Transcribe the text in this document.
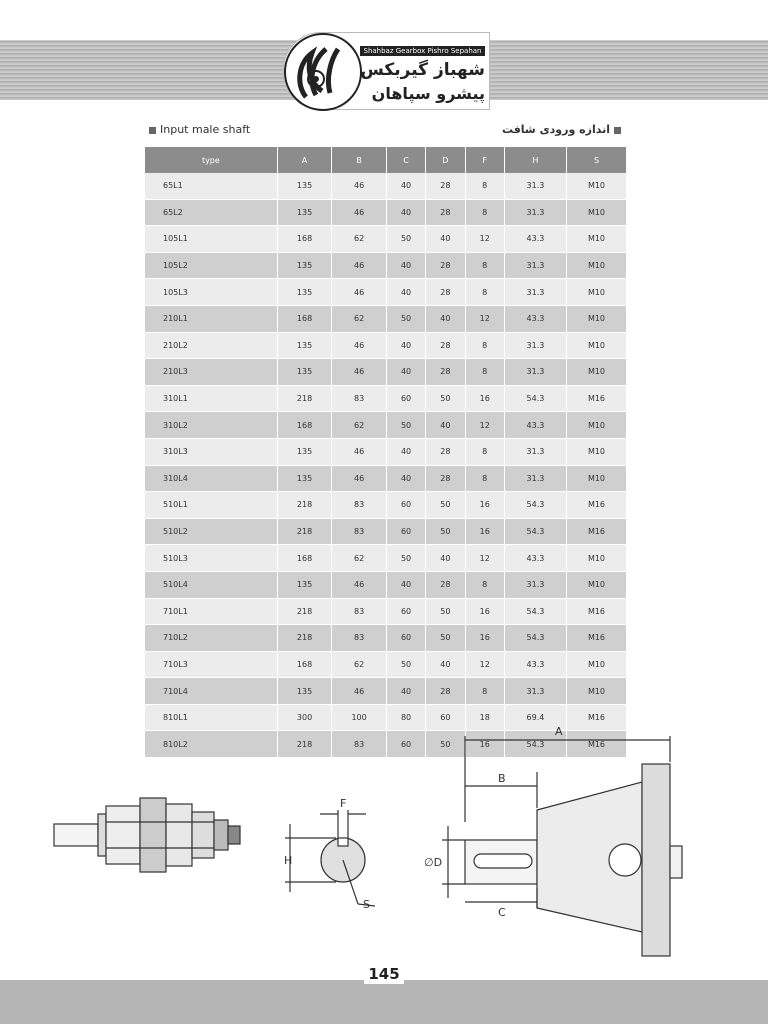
Shahbaz Gearbox Pishro Sepahan
شهباز گیربکس
پیشرو سپاهان
Input male shaft	اندازه ورودی شافت
type	A	B	C	D	F	H	S
65L1	135	46	40	28	8	31.3	M10
65L2	135	46	40	28	8	31.3	M10
105L1	168	62	50	40	12	43.3	M10
105L2	135	46	40	28	8	31.3	M10
105L3	135	46	40	28	8	31.3	M10
210L1	168	62	50	40	12	43.3	M10
210L2	135	46	40	28	8	31.3	M10
210L3	135	46	40	28	8	31.3	M10
310L1	218	83	60	50	16	54.3	M16
310L2	168	62	50	40	12	43.3	M10
310L3	135	46	40	28	8	31.3	M10
310L4	135	46	40	28	8	31.3	M10
510L1	218	83	60	50	16	54.3	M16
510L2	218	83	60	50	16	54.3	M16
510L3	168	62	50	40	12	43.3	M10
510L4	135	46	40	28	8	31.3	M10
710L1	218	83	60	50	16	54.3	M16
710L2	218	83	60	50	16	54.3	M16
710L3	168	62	50	40	12	43.3	M10
710L4	135	46	40	28	8	31.3	M10
810L1	300	100	80	60	18	69.4	M16
810L2	218	83	60	50	16	54.3	M16
F
H
S
A
B
C
∅D
145
